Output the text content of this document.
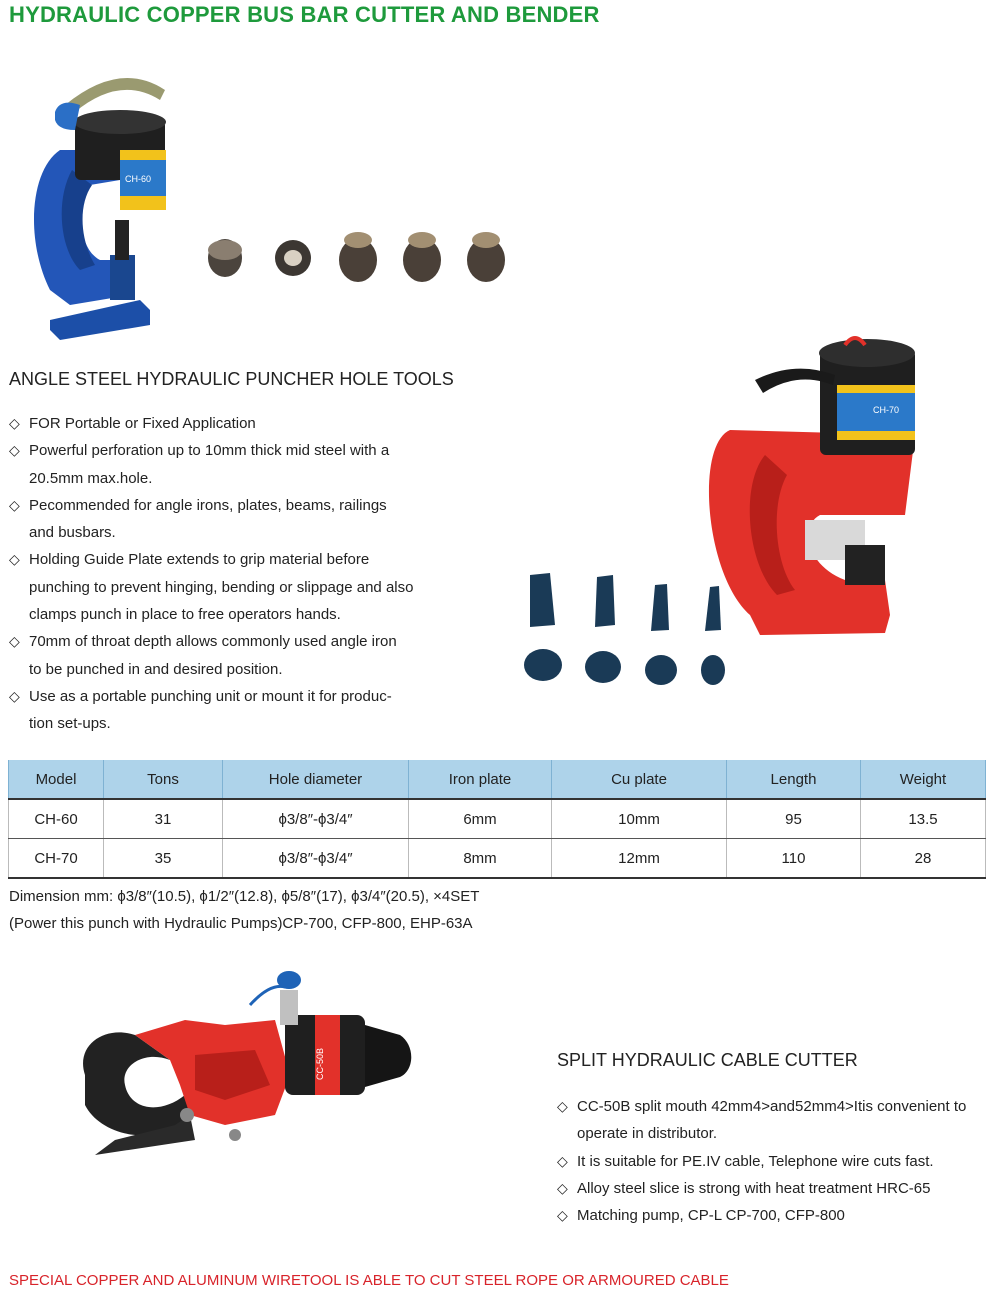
HYDRAULIC COPPER BUS BAR CUTTER AND BENDER
CH-60
ANGLE STEEL HYDRAULIC PUNCHER HOLE TOOLS
◇ FOR Portable or Fixed Application
◇ Powerful perforation up to 10mm thick mid steel with a
20.5mm max.hole.
◇ Pecommended for angle irons, plates, beams, railings
and busbars.
◇ Holding Guide Plate extends to grip material before
punching to prevent hinging, bending or slippage and also
clamps punch in place to free operators hands.
◇ 70mm of throat depth allows commonly used angle iron
to be punched in and desired position.
◇ Use as a portable punching unit or mount it for produc-
tion set-ups.
CH-70
Model	Tons	Hole diameter	Iron plate	Cu plate	Length	Weight
CH-60	31	ϕ3/8″-ϕ3/4″	6mm	10mm	95	13.5
CH-70	35	ϕ3/8″-ϕ3/4″	8mm	12mm	110	28
Dimension mm: ϕ3/8″(10.5), ϕ1/2″(12.8), ϕ5/8″(17), ϕ3/4″(20.5), ×4SET
(Power this punch with Hydraulic Pumps)CP-700, CFP-800, EHP-63A
CC-50B	SPLIT HYDRAULIC CABLE CUTTER
◇ CC-50B split mouth 42mm4>and52mm4>Itis convenient to
operate in distributor.
◇ It is suitable for PE.IV cable, Telephone wire cuts fast.
◇ Alloy steel slice is strong with heat treatment HRC-65
◇ Matching pump, CP-L CP-700, CFP-800
SPECIAL COPPER AND ALUMINUM WIRETOOL IS ABLE TO CUT STEEL ROPE OR ARMOURED CABLE
